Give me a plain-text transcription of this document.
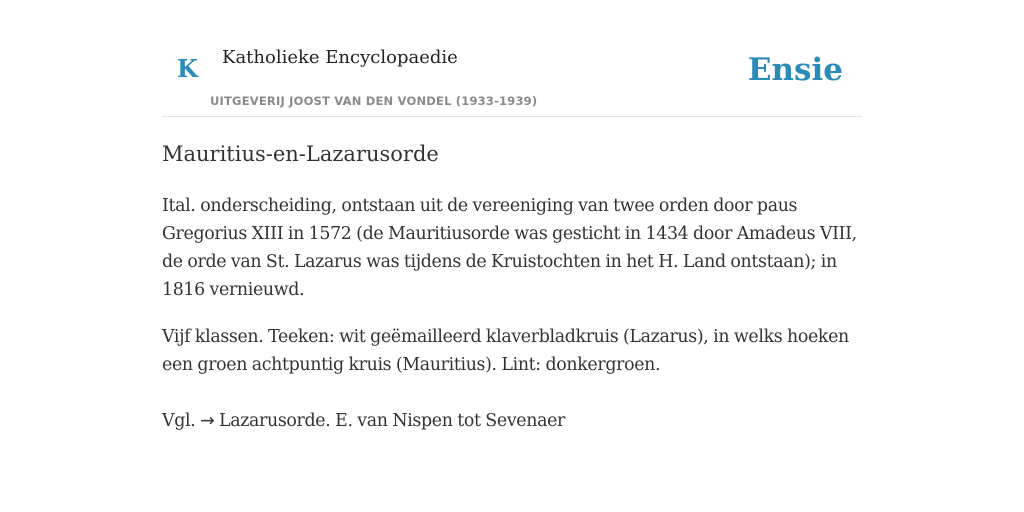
K Katholieke Encyclopaedie
UITGEVERIJ JOOST VAN DEN VONDEL (1933-1939)
Ensie
Mauritius-en-Lazarusorde

Ital. onderscheiding, ontstaan uit de vereeniging van twee orden door paus Gregorius XIII in 1572 (de Mauritiusorde was gesticht in 1434 door Amadeus VIII, de orde van St. Lazarus was tijdens de Kruistochten in het H. Land ontstaan); in 1816 vernieuwd.

Vijf klassen. Teeken: wit geëmailleerd klaverbladkruis (Lazarus), in welks hoeken een groen achtpuntig kruis (Mauritius). Lint: donkergroen.

Vgl. → Lazarusorde. E. van Nispen tot Sevenaer
